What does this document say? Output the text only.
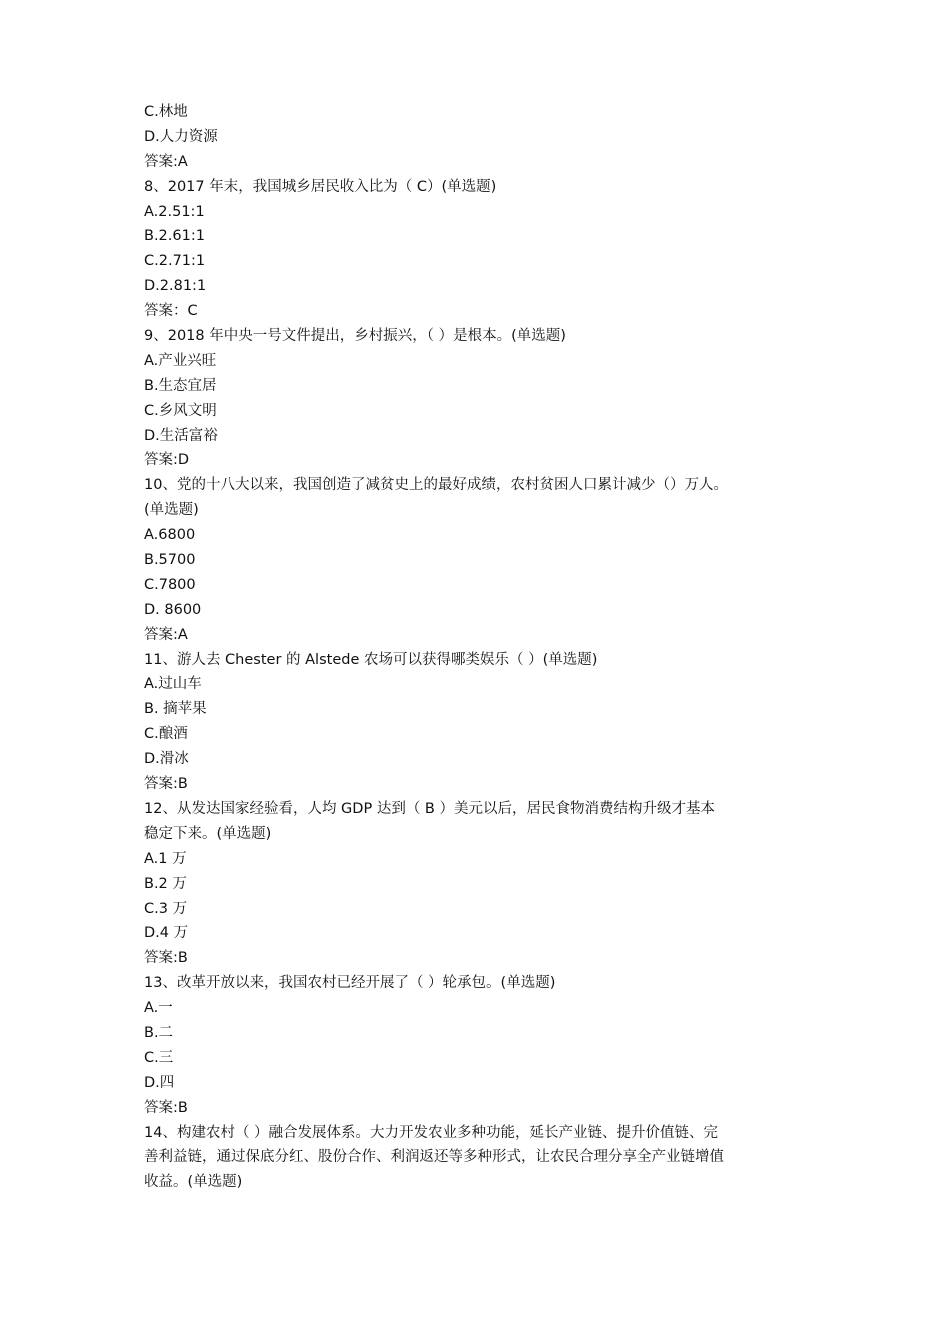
C.林地
D.人力资源
答案:A
8、2017 年末，我国城乡居民收入比为（ C）(单选题)
A.2.51:1
B.2.61:1
C.2.71:1
D.2.81:1
答案：C
9、2018 年中央一号文件提出，乡村振兴，（ ）是根本。(单选题)
A.产业兴旺
B.生态宜居
C.乡风文明
D.生活富裕
答案:D
10、党的十八大以来，我国创造了减贫史上的最好成绩，农村贫困人口累计减少（）万人。
(单选题)
A.6800
B.5700
C.7800
D. 8600
答案:A
11、游人去 Chester 的 Alstede 农场可以获得哪类娱乐（ ）(单选题)
A.过山车
B. 摘苹果
C.酿酒
D.滑冰
答案:B
12、从发达国家经验看，人均 GDP 达到（ B ）美元以后，居民食物消费结构升级才基本
稳定下来。(单选题)
A.1 万
B.2 万
C.3 万
D.4 万
答案:B
13、改革开放以来，我国农村已经开展了（ ）轮承包。(单选题)
A.一
B.二
C.三
D.四
答案:B
14、构建农村（ ）融合发展体系。大力开发农业多种功能，延长产业链、提升价值链、完
善利益链，通过保底分红、股份合作、利润返还等多种形式，让农民合理分享全产业链增值
收益。(单选题)
